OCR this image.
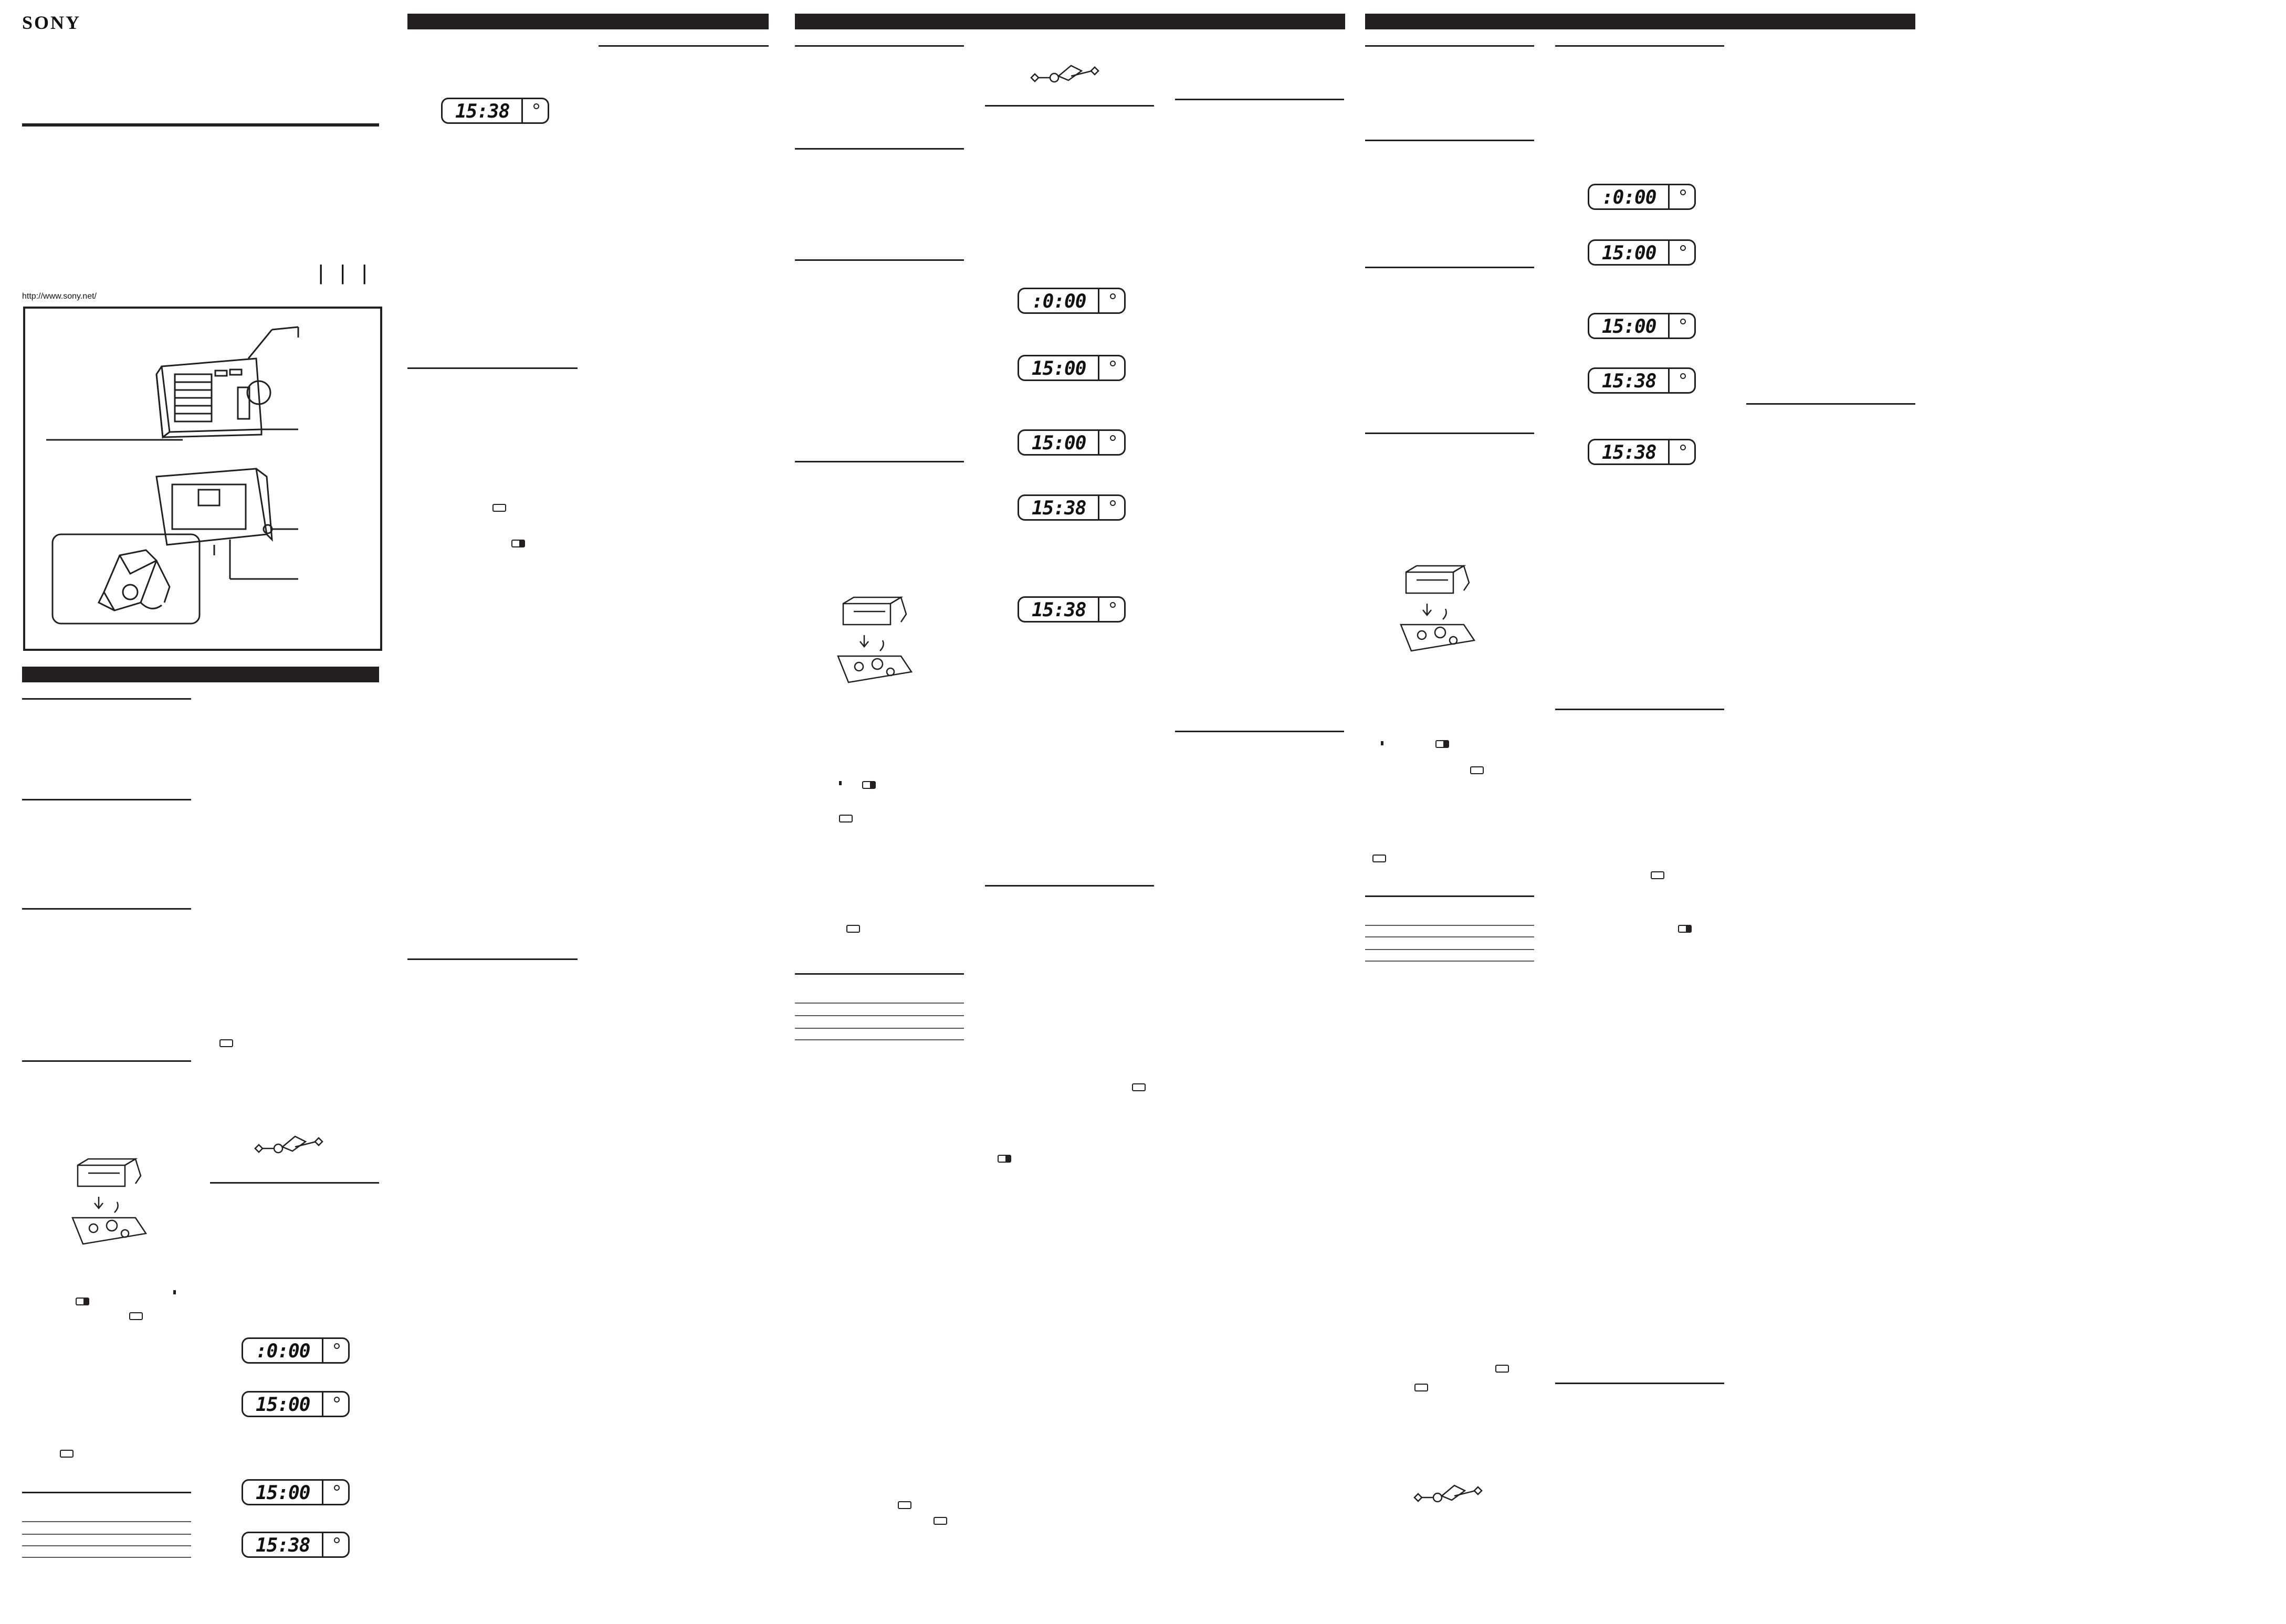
SONY
| | |
http://www.sony.net/
:0:00
15:00
15:00
15:38
15:38
:0:00
15:00
15:00
15:38
15:38
:0:00
15:00
15:00
15:38
15:38
